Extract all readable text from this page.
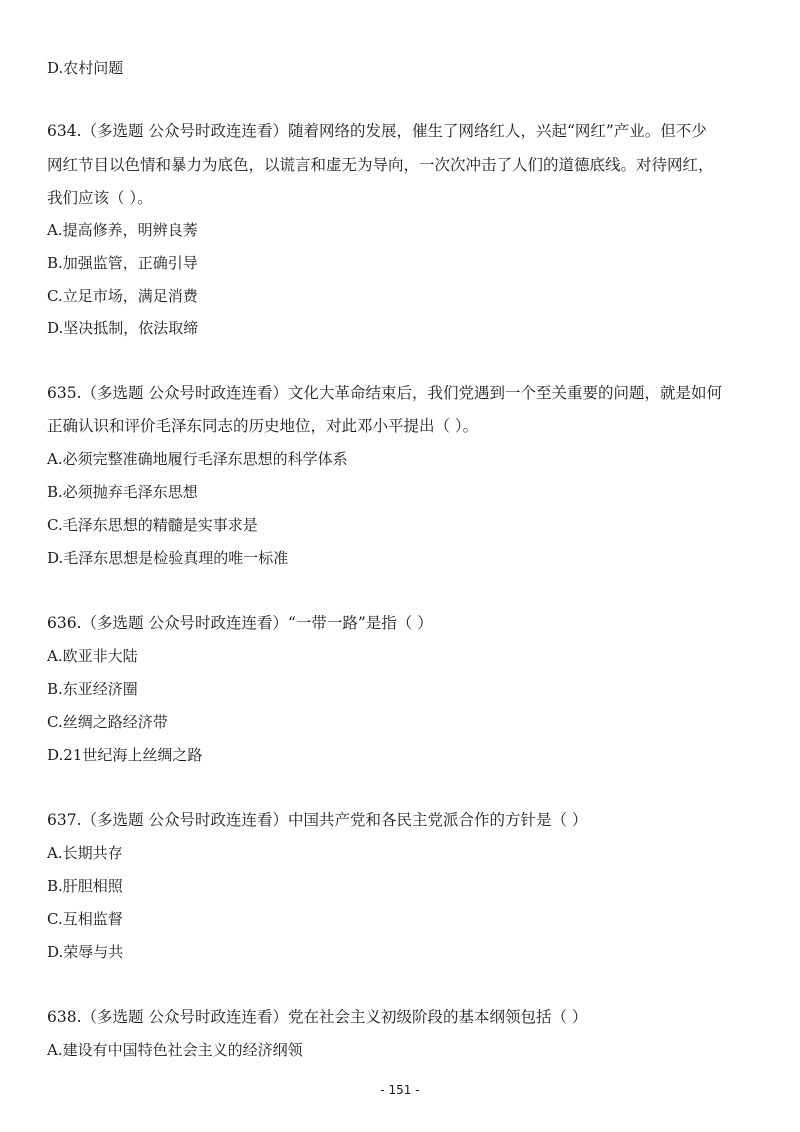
D.农村问题
634.（多选题 公众号时政连连看）随着网络的发展，催生了网络红人，兴起“网红”产业。但不少
网红节目以色情和暴力为底色，以谎言和虚无为导向，一次次冲击了人们的道德底线。对待网红，
我们应该（ ）。
A.提高修养，明辨良莠
B.加强监管，正确引导
C.立足市场，满足消费
D.坚决抵制，依法取缔
635.（多选题 公众号时政连连看）文化大革命结束后，我们党遇到一个至关重要的问题，就是如何
正确认识和评价毛泽东同志的历史地位，对此邓小平提出（ ）。
A.必须完整准确地履行毛泽东思想的科学体系
B.必须抛弃毛泽东思想
C.毛泽东思想的精髓是实事求是
D.毛泽东思想是检验真理的唯一标准
636.（多选题 公众号时政连连看）“一带一路”是指（ ）
A.欧亚非大陆
B.东亚经济圈
C.丝绸之路经济带
D.21世纪海上丝绸之路
637.（多选题 公众号时政连连看）中国共产党和各民主党派合作的方针是（ ）
A.长期共存
B.肝胆相照
C.互相监督
D.荣辱与共
638.（多选题 公众号时政连连看）党在社会主义初级阶段的基本纲领包括（ ）
A.建设有中国特色社会主义的经济纲领
- 151 -
